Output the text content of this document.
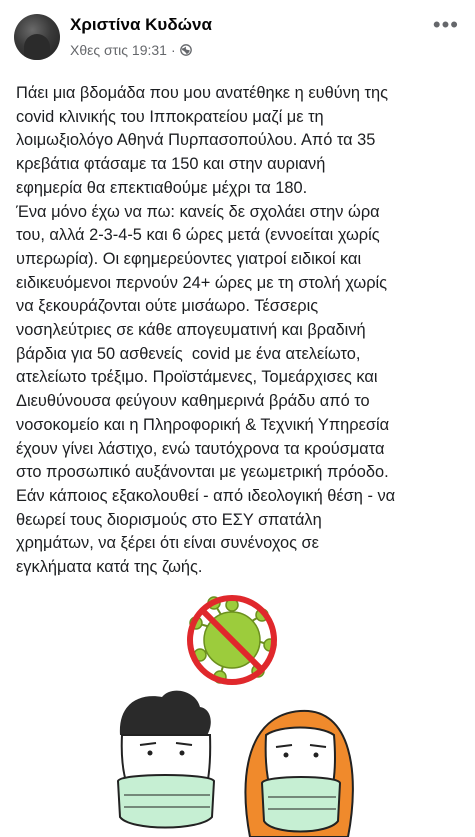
Χριστίνα Κυδώνα
Χθες στις 19:31 ·
•••

Πάει μια βδομάδα που μου ανατέθηκε η ευθύνη της
covid κλινικής του Ιπποκρατείου μαζί με τη
λοιμωξιολόγο Αθηνά Πυρπασοπούλου. Από τα 35
κρεβάτια φτάσαμε τα 150 και στην αυριανή
εφημερία θα επεκτιαθούμε μέχρι τα 180.
Ένα μόνο έχω να πω: κανείς δε σχολάει στην ώρα
του, αλλά 2-3-4-5 και 6 ώρες μετά (εννοείται χωρίς
υπερωρία). Οι εφημερεύοντες γιατροί ειδικοί και
ειδικευόμενοι περνούν 24+ ώρες με τη στολή χωρίς
να ξεκουράζονται ούτε μισάωρο. Τέσσερις
νοσηλεύτριες σε κάθε απογευματινή και βραδινή
βάρδια για 50 ασθενείς  covid με ένα ατελείωτο,
ατελείωτο τρέξιμο. Προϊστάμενες, Τομεάρχισες και
Διευθύνουσα φεύγουν καθημερινά βράδυ από το
νοσοκομείο και η Πληροφορική & Τεχνική Υπηρεσία
έχουν γίνει λάστιχο, ενώ ταυτόχρονα τα κρούσματα
στο προσωπικό αυξάνονται με γεωμετρική πρόοδο.
Εάν κάποιος εξακολουθεί - από ιδεολογική θέση - να
θεωρεί τους διορισμούς στο ΕΣΥ σπατάλη
χρημάτων, να ξέρει ότι είναι συνένοχος σε
εγκλήματα κατά της ζωής.
